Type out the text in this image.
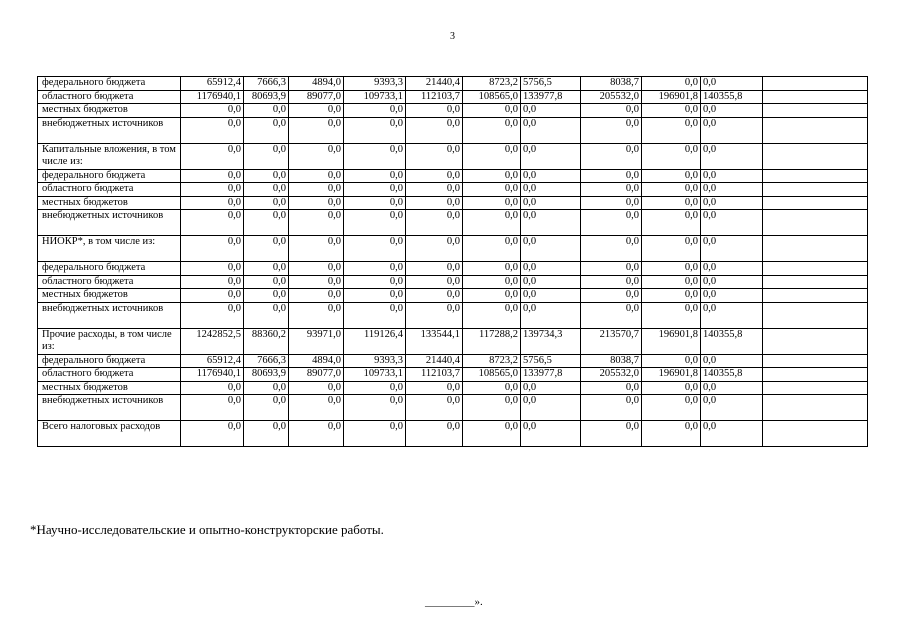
3
федерального бюджета	65912,4	7666,3	4894,0	9393,3	21440,4	8723,2	5756,5	8038,7	0,0	0,0	
областного бюджета	1176940,1	80693,9	89077,0	109733,1	112103,7	108565,0	133977,8	205532,0	196901,8	140355,8	
местных бюджетов	0,0	0,0	0,0	0,0	0,0	0,0	0,0	0,0	0,0	0,0	
внебюджетных источников	0,0	0,0	0,0	0,0	0,0	0,0	0,0	0,0	0,0	0,0	
Капитальные вложения, в том числе из:	0,0	0,0	0,0	0,0	0,0	0,0	0,0	0,0	0,0	0,0	
федерального бюджета	0,0	0,0	0,0	0,0	0,0	0,0	0,0	0,0	0,0	0,0	
областного бюджета	0,0	0,0	0,0	0,0	0,0	0,0	0,0	0,0	0,0	0,0	
местных бюджетов	0,0	0,0	0,0	0,0	0,0	0,0	0,0	0,0	0,0	0,0	
внебюджетных источников	0,0	0,0	0,0	0,0	0,0	0,0	0,0	0,0	0,0	0,0	
НИОКР*, в том числе из:	0,0	0,0	0,0	0,0	0,0	0,0	0,0	0,0	0,0	0,0	
федерального бюджета	0,0	0,0	0,0	0,0	0,0	0,0	0,0	0,0	0,0	0,0	
областного бюджета	0,0	0,0	0,0	0,0	0,0	0,0	0,0	0,0	0,0	0,0	
местных бюджетов	0,0	0,0	0,0	0,0	0,0	0,0	0,0	0,0	0,0	0,0	
внебюджетных источников	0,0	0,0	0,0	0,0	0,0	0,0	0,0	0,0	0,0	0,0	
Прочие расходы, в том числе из:	1242852,5	88360,2	93971,0	119126,4	133544,1	117288,2	139734,3	213570,7	196901,8	140355,8	
федерального бюджета	65912,4	7666,3	4894,0	9393,3	21440,4	8723,2	5756,5	8038,7	0,0	0,0	
областного бюджета	1176940,1	80693,9	89077,0	109733,1	112103,7	108565,0	133977,8	205532,0	196901,8	140355,8	
местных бюджетов	0,0	0,0	0,0	0,0	0,0	0,0	0,0	0,0	0,0	0,0	
внебюджетных источников	0,0	0,0	0,0	0,0	0,0	0,0	0,0	0,0	0,0	0,0	
Всего налоговых расходов	0,0	0,0	0,0	0,0	0,0	0,0	0,0	0,0	0,0	0,0	
*Научно-исследовательские и опытно-конструкторские работы.
_________».
